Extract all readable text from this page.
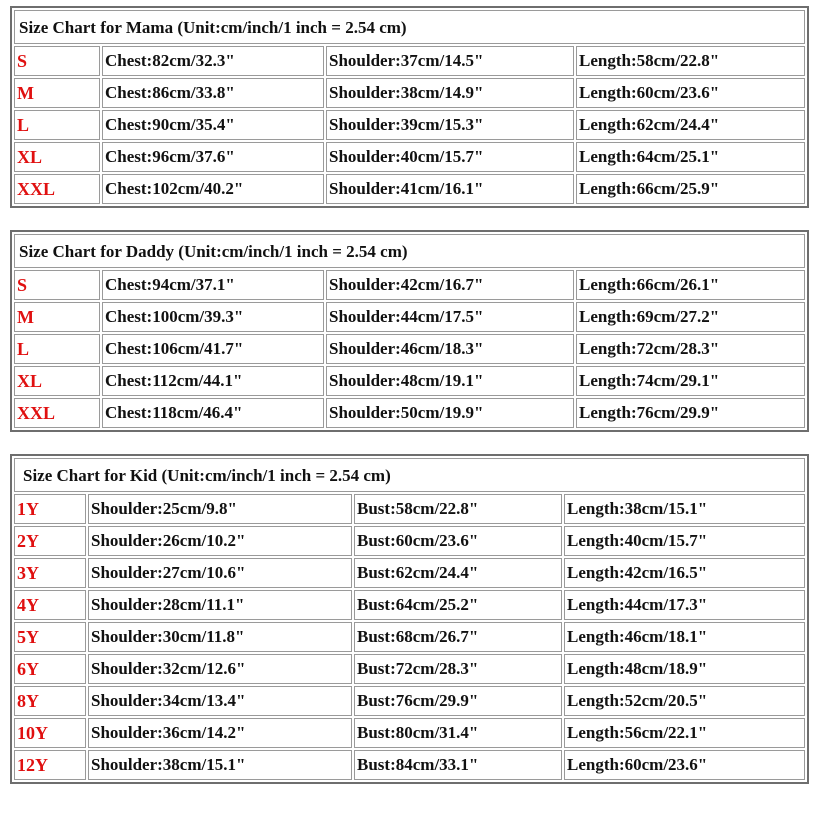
Size Chart for Mama (Unit:cm/inch/1 inch = 2.54 cm)
S	Chest:82cm/32.3"	Shoulder:37cm/14.5"	Length:58cm/22.8"
M	Chest:86cm/33.8"	Shoulder:38cm/14.9"	Length:60cm/23.6"
L	Chest:90cm/35.4"	Shoulder:39cm/15.3"	Length:62cm/24.4"
XL	Chest:96cm/37.6"	Shoulder:40cm/15.7"	Length:64cm/25.1"
XXL	Chest:102cm/40.2"	Shoulder:41cm/16.1"	Length:66cm/25.9"
Size Chart for Daddy (Unit:cm/inch/1 inch = 2.54 cm)
S	Chest:94cm/37.1"	Shoulder:42cm/16.7"	Length:66cm/26.1"
M	Chest:100cm/39.3"	Shoulder:44cm/17.5"	Length:69cm/27.2"
L	Chest:106cm/41.7"	Shoulder:46cm/18.3"	Length:72cm/28.3"
XL	Chest:112cm/44.1"	Shoulder:48cm/19.1"	Length:74cm/29.1"
XXL	Chest:118cm/46.4"	Shoulder:50cm/19.9"	Length:76cm/29.9"
Size Chart for Kid (Unit:cm/inch/1 inch = 2.54 cm)
1Y	Shoulder:25cm/9.8"	Bust:58cm/22.8"	Length:38cm/15.1"
2Y	Shoulder:26cm/10.2"	Bust:60cm/23.6"	Length:40cm/15.7"
3Y	Shoulder:27cm/10.6"	Bust:62cm/24.4"	Length:42cm/16.5"
4Y	Shoulder:28cm/11.1"	Bust:64cm/25.2"	Length:44cm/17.3"
5Y	Shoulder:30cm/11.8"	Bust:68cm/26.7"	Length:46cm/18.1"
6Y	Shoulder:32cm/12.6"	Bust:72cm/28.3"	Length:48cm/18.9"
8Y	Shoulder:34cm/13.4"	Bust:76cm/29.9"	Length:52cm/20.5"
10Y	Shoulder:36cm/14.2"	Bust:80cm/31.4"	Length:56cm/22.1"
12Y	Shoulder:38cm/15.1"	Bust:84cm/33.1"	Length:60cm/23.6"
